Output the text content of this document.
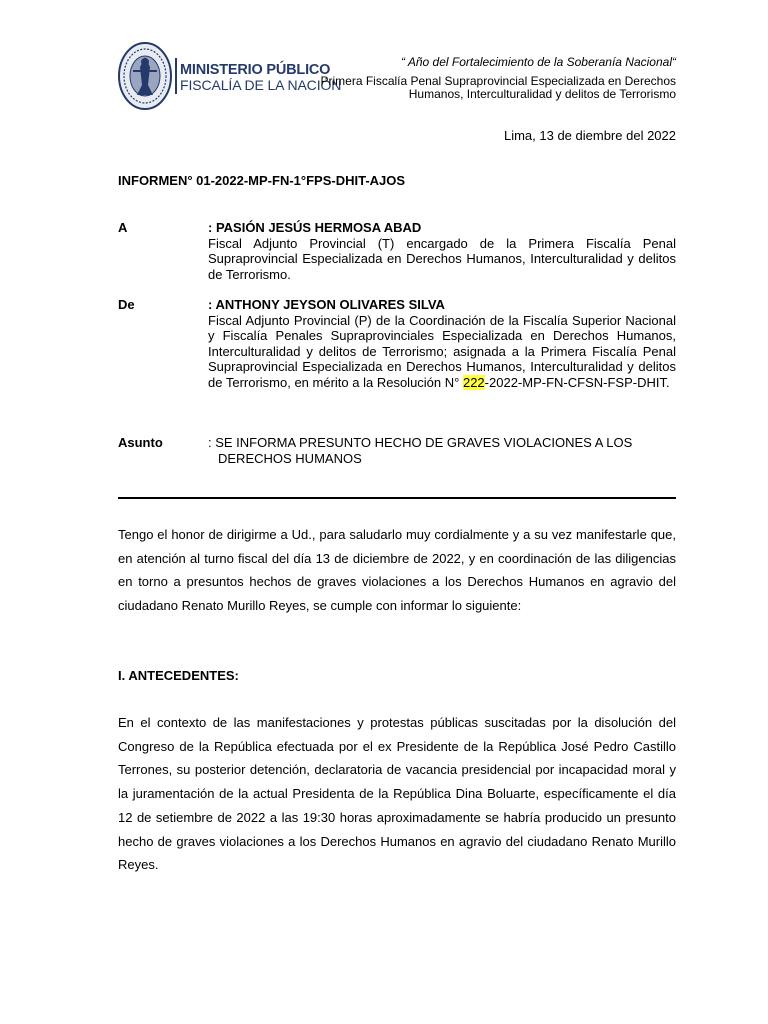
MINISTERIO PÚBLICO
FISCALÍA DE LA NACIÓN
“ Año del Fortalecimiento de la Soberanía Nacional“
Primera Fiscalía Penal Supraprovincial Especializada en Derechos
Humanos, Interculturalidad y delitos de Terrorismo
Lima, 13 de diembre del 2022
INFORMEN° 01-2022-MP-FN-1°FPS-DHIT-AJOS
A	: PASIÓN JESÚS HERMOSA ABAD
Fiscal Adjunto Provincial (T) encargado de la Primera Fiscalía Penal Supraprovincial Especializada en Derechos Humanos, Interculturalidad y delitos de Terrorismo.
De	: ANTHONY JEYSON OLIVARES SILVA
Fiscal Adjunto Provincial (P) de la Coordinación de la Fiscalía Superior Nacional y Fiscalía Penales Supraprovinciales Especializada en Derechos Humanos, Interculturalidad y delitos de Terrorismo; asignada a la Primera Fiscalía Penal Supraprovincial Especializada en Derechos Humanos, Interculturalidad y delitos de Terrorismo, en mérito a la Resolución N° 222-2022-MP-FN-CFSN-FSP-DHIT.
Asunto	: SE INFORMA PRESUNTO HECHO DE GRAVES VIOLACIONES A LOS
DERECHOS HUMANOS
Tengo el honor de dirigirme a Ud., para saludarlo muy cordialmente y a su vez manifestarle que, en atención al turno fiscal del día 13 de diciembre de 2022, y en coordinación de las diligencias en torno a presuntos hechos de graves violaciones a los Derechos Humanos en agravio del ciudadano Renato Murillo Reyes, se cumple con informar lo siguiente:
I. ANTECEDENTES:
En el contexto de las manifestaciones y protestas públicas suscitadas por la disolución del Congreso de la República efectuada por el ex Presidente de la República José Pedro Castillo Terrones, su posterior detención, declaratoria de vacancia presidencial por incapacidad moral y la juramentación de la actual Presidenta de la República Dina Boluarte, específicamente el día 12 de setiembre de 2022 a las 19:30 horas aproximadamente se habría producido un presunto hecho de graves violaciones a los Derechos Humanos en agravio del ciudadano Renato Murillo Reyes.
